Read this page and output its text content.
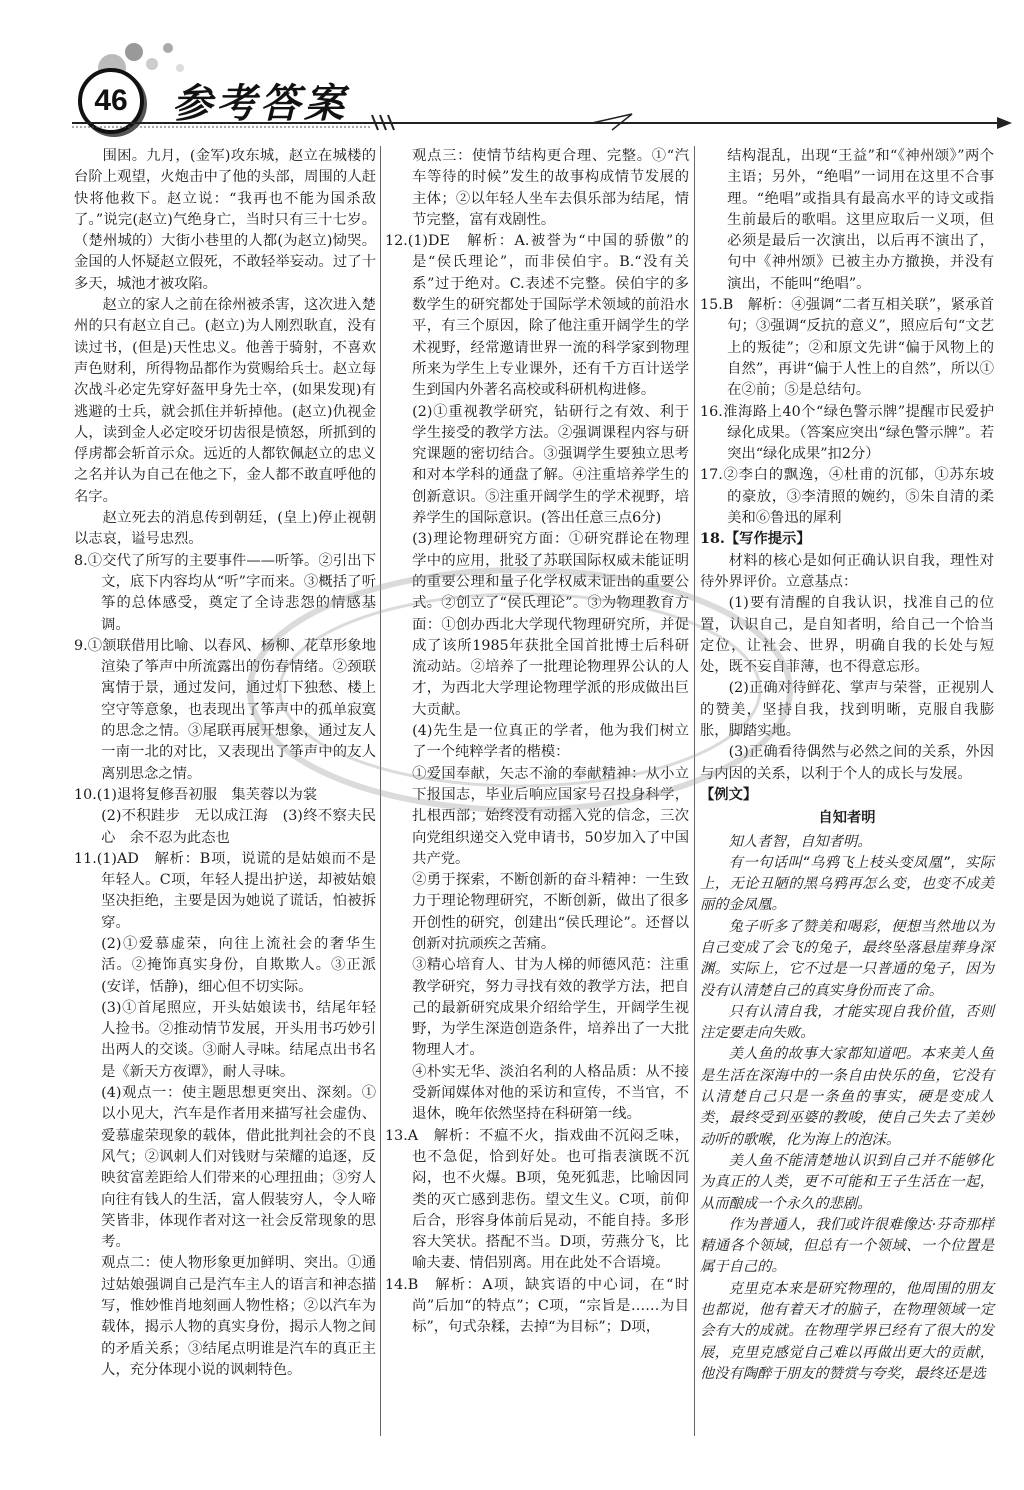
46	参考答案

围困。九月，(金军)攻东城，赵立在城楼的台阶上观望，火炮击中了他的头部，周围的人赶快将他救下。赵立说：“我再也不能为国杀敌了。”说完(赵立)气绝身亡，当时只有三十七岁。（楚州城的）大街小巷里的人都(为赵立)恸哭。金国的人怀疑赵立假死，不敢轻举妄动。过了十多天，城池才被攻陷。

赵立的家人之前在徐州被杀害，这次进入楚州的只有赵立自己。(赵立)为人刚烈耿直，没有读过书，(但是)天性忠义。他善于骑射，不喜欢声色财利，所得物品都作为赏赐给兵士。赵立每次战斗必定先穿好盔甲身先士卒，(如果发现)有逃避的士兵，就会抓住并斩掉他。(赵立)仇视金人，读到金人必定咬牙切齿很是愤怒，所抓到的俘虏都会斩首示众。远近的人都钦佩赵立的忠义之名并认为自己在他之下，金人都不敢直呼他的名字。

赵立死去的消息传到朝廷，(皇上)停止视朝以志哀，谥号忠烈。

8.①交代了所写的主要事件——听筝。②引出下文，底下内容均从“听”字而来。③概括了听筝的总体感受，奠定了全诗悲怨的情感基调。

9.①颔联借用比喻、以春风、杨柳、花草形象地渲染了筝声中所流露出的伤春情绪。②颈联寓情于景，通过发问，通过灯下独愁、楼上空守等意象，也表现出了筝声中的孤单寂寞的思念之情。③尾联再展开想象，通过友人一南一北的对比，又表现出了筝声中的友人离别思念之情。

10.(1)退将复修吾初服　集芙蓉以为裳

(2)不积跬步　无以成江海　(3)终不察夫民心　余不忍为此态也

11.(1)AD　解析：B项，说谎的是姑娘而不是年轻人。C项，年轻人提出护送，却被姑娘坚决拒绝，主要是因为她说了谎话，怕被拆穿。

(2)①爱慕虚荣，向往上流社会的奢华生活。②掩饰真实身份，自欺欺人。③正派(安详，恬静)，细心但不切实际。

(3)①首尾照应，开头姑娘读书，结尾年轻人捡书。②推动情节发展，开头用书巧妙引出两人的交谈。③耐人寻味。结尾点出书名是《新天方夜谭》，耐人寻味。

(4)观点一：使主题思想更突出、深刻。①以小见大，汽车是作者用来描写社会虚伪、爱慕虚荣现象的载体，借此批判社会的不良风气；②讽刺人们对钱财与荣耀的追逐，反映贫富差距给人们带来的心理扭曲；③穷人向往有钱人的生活，富人假装穷人，令人啼笑皆非，体现作者对这一社会反常现象的思考。

观点二：使人物形象更加鲜明、突出。①通过姑娘强调自己是汽车主人的语言和神态描写，惟妙惟肖地刻画人物性格；②以汽车为载体，揭示人物的真实身份，揭示人物之间的矛盾关系；③结尾点明谁是汽车的真正主人，充分体现小说的讽刺特色。

观点三：使情节结构更合理、完整。①“汽车等待的时候”发生的故事构成情节发展的主体；②以年轻人坐车去俱乐部为结尾，情节完整，富有戏剧性。

12.(1)DE　解析：A.被誉为“中国的骄傲”的是“侯氏理论”，而非侯伯宇。B.“没有关系”过于绝对。C.表述不完整。侯伯宇的多数学生的研究都处于国际学术领域的前沿水平，有三个原因，除了他注重开阔学生的学术视野，经常邀请世界一流的科学家到物理所来为学生上专业课外，还有千方百计送学生到国内外著名高校或科研机构进修。

(2)①重视教学研究，钻研行之有效、利于学生接受的教学方法。②强调课程内容与研究课题的密切结合。③强调学生要独立思考和对本学科的通盘了解。④注重培养学生的创新意识。⑤注重开阔学生的学术视野，培养学生的国际意识。(答出任意三点6分)

(3)理论物理研究方面：①研究群论在物理学中的应用，批驳了苏联国际权威未能证明的重要公理和量子化学权威未证出的重要公式。②创立了“侯氏理论”。③为物理教育方面：①创办西北大学现代物理研究所，并促成了该所1985年获批全国首批博士后科研流动站。②培养了一批理论物理界公认的人才，为西北大学理论物理学派的形成做出巨大贡献。

(4)先生是一位真正的学者，他为我们树立了一个纯粹学者的楷模：

①爱国奉献，矢志不渝的奉献精神：从小立下报国志，毕业后响应国家号召投身科学，扎根西部；始终没有动摇入党的信念，三次向党组织递交入党申请书，50岁加入了中国共产党。

②勇于探索，不断创新的奋斗精神：一生致力于理论物理研究，不断创新，做出了很多开创性的研究，创建出“侯氏理论”。还督以创新对抗顽疾之苦痛。

③精心培育人、甘为人梯的师德风范：注重教学研究，努力寻找有效的教学方法，把自己的最新研究成果介绍给学生，开阔学生视野，为学生深造创造条件，培养出了一大批物理人才。

④朴实无华、淡泊名利的人格品质：从不接受新闻媒体对他的采访和宣传，不当官，不退休，晚年依然坚持在科研第一线。

13.A　解析：不瘟不火，指戏曲不沉闷乏味，也不急促，恰到好处。也可指表演既不沉闷，也不火爆。B项，兔死狐悲，比喻因同类的灭亡感到悲伤。望文生义。C项，前仰后合，形容身体前后晃动，不能自持。多形容大笑状。搭配不当。D项，劳燕分飞，比喻夫妻、情侣别离。用在此处不合语境。

14.B　解析：A项，缺宾语的中心词，在“时尚”后加“的特点”；C项，“宗旨是……为目标”，句式杂糅，去掉“为目标”；D项，

结构混乱，出现“王益”和“《神州颂》”两个主语；另外，“绝唱”一词用在这里不合事理。“绝唱”或指具有最高水平的诗文或指生前最后的歌唱。这里应取后一义项，但必须是最后一次演出，以后再不演出了，句中《神州颂》已被主办方撤换，并没有演出，不能叫“绝唱”。

15.B　解析：④强调“二者互相关联”，紧承首句；③强调“反抗的意义”，照应后句“文艺上的叛徒”；②和原文先讲“偏于风物上的自然”，再讲“偏于人性上的自然”，所以①在②前；⑤是总结句。

16.淮海路上40个“绿色警示牌”提醒市民爱护绿化成果。（答案应突出“绿色警示牌”。若突出“绿化成果”扣2分）

17.②李白的飘逸，④杜甫的沉郁，①苏东坡的豪放，③李清照的婉约，⑤朱自清的柔美和⑥鲁迅的犀利

18.【写作提示】

材料的核心是如何正确认识自我，理性对待外界评价。立意基点：

(1)要有清醒的自我认识，找准自己的位置，认识自己，是自知者明，给自己一个恰当定位，让社会、世界，明确自我的长处与短处，既不妄自菲薄，也不得意忘形。

(2)正确对待鲜花、掌声与荣誉，正视别人的赞美，坚持自我，找到明晰，克服自我膨胀，脚踏实地。

(3)正确看待偶然与必然之间的关系，外因与内因的关系，以利于个人的成长与发展。

【例文】

自知者明

知人者智，自知者明。

有一句话叫“乌鸦飞上枝头变凤凰”，实际上，无论丑陋的黑乌鸦再怎么变，也变不成美丽的金凤凰。

兔子听多了赞美和喝彩，便想当然地以为自己变成了会飞的兔子，最终坠落悬崖葬身深渊。实际上，它不过是一只普通的兔子，因为没有认清楚自己的真实身份而丧了命。

只有认清自我，才能实现自我价值，否则注定要走向失败。

美人鱼的故事大家都知道吧。本来美人鱼是生活在深海中的一条自由快乐的鱼，它没有认清楚自己只是一条鱼的事实，硬是变成人类，最终受到巫婆的教唆，使自己失去了美妙动听的歌喉，化为海上的泡沫。

美人鱼不能清楚地认识到自己并不能够化为真正的人类，更不可能和王子生活在一起，从而酿成一个永久的悲剧。

作为普通人，我们或许很难像达·芬奇那样精通各个领域，但总有一个领域、一个位置是属于自己的。

克里克本来是研究物理的，他周围的朋友也都说，他有着天才的脑子，在物理领域一定会有大的成就。在物理学界已经有了很大的发展，克里克感觉自己难以再做出更大的贡献，他没有陶醉于朋友的赞赏与夸奖，最终还是选
